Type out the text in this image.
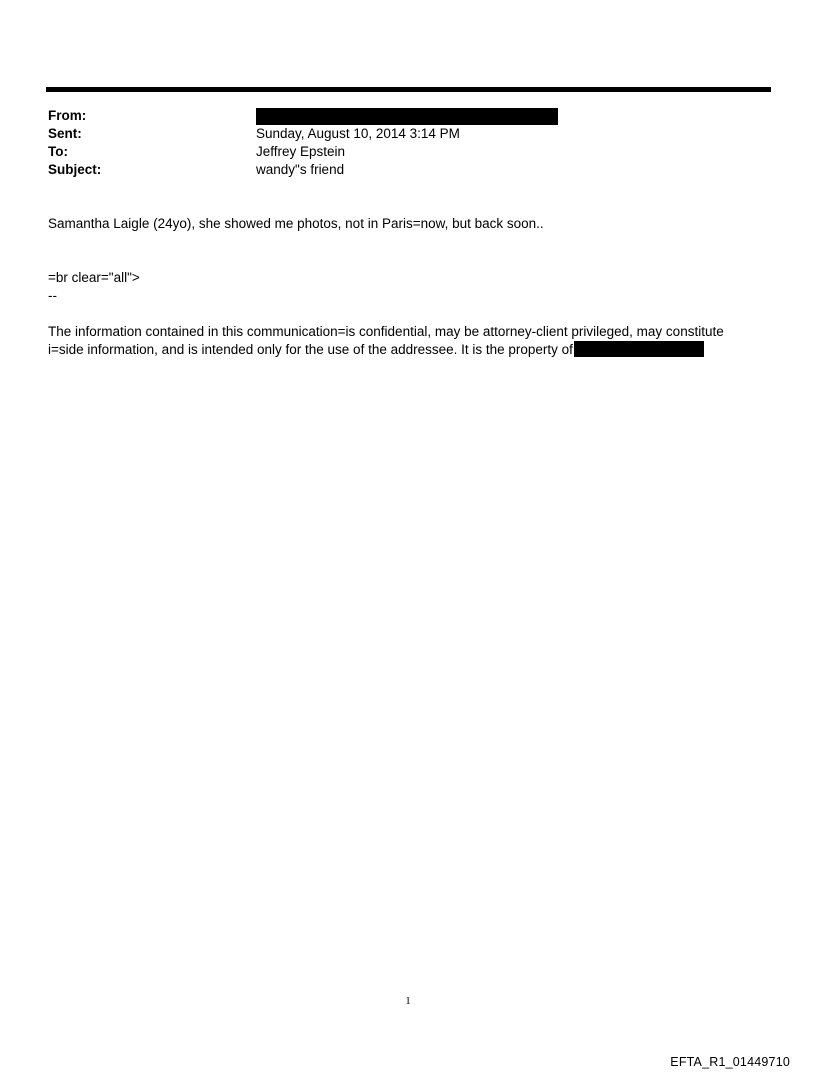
From:
Sent:	Sunday, August 10, 2014 3:14 PM
To:	Jeffrey Epstein
Subject:	wandy"s friend
Samantha Laigle (24yo), she showed me photos, not in Paris=now, but back soon..
=br clear="all">
--
The information contained in this communication=is confidential, may be attorney-client privileged, may constitute
i=side information, and is intended only for the use of the addressee. It is the property of
1
EFTA_R1_01449710
